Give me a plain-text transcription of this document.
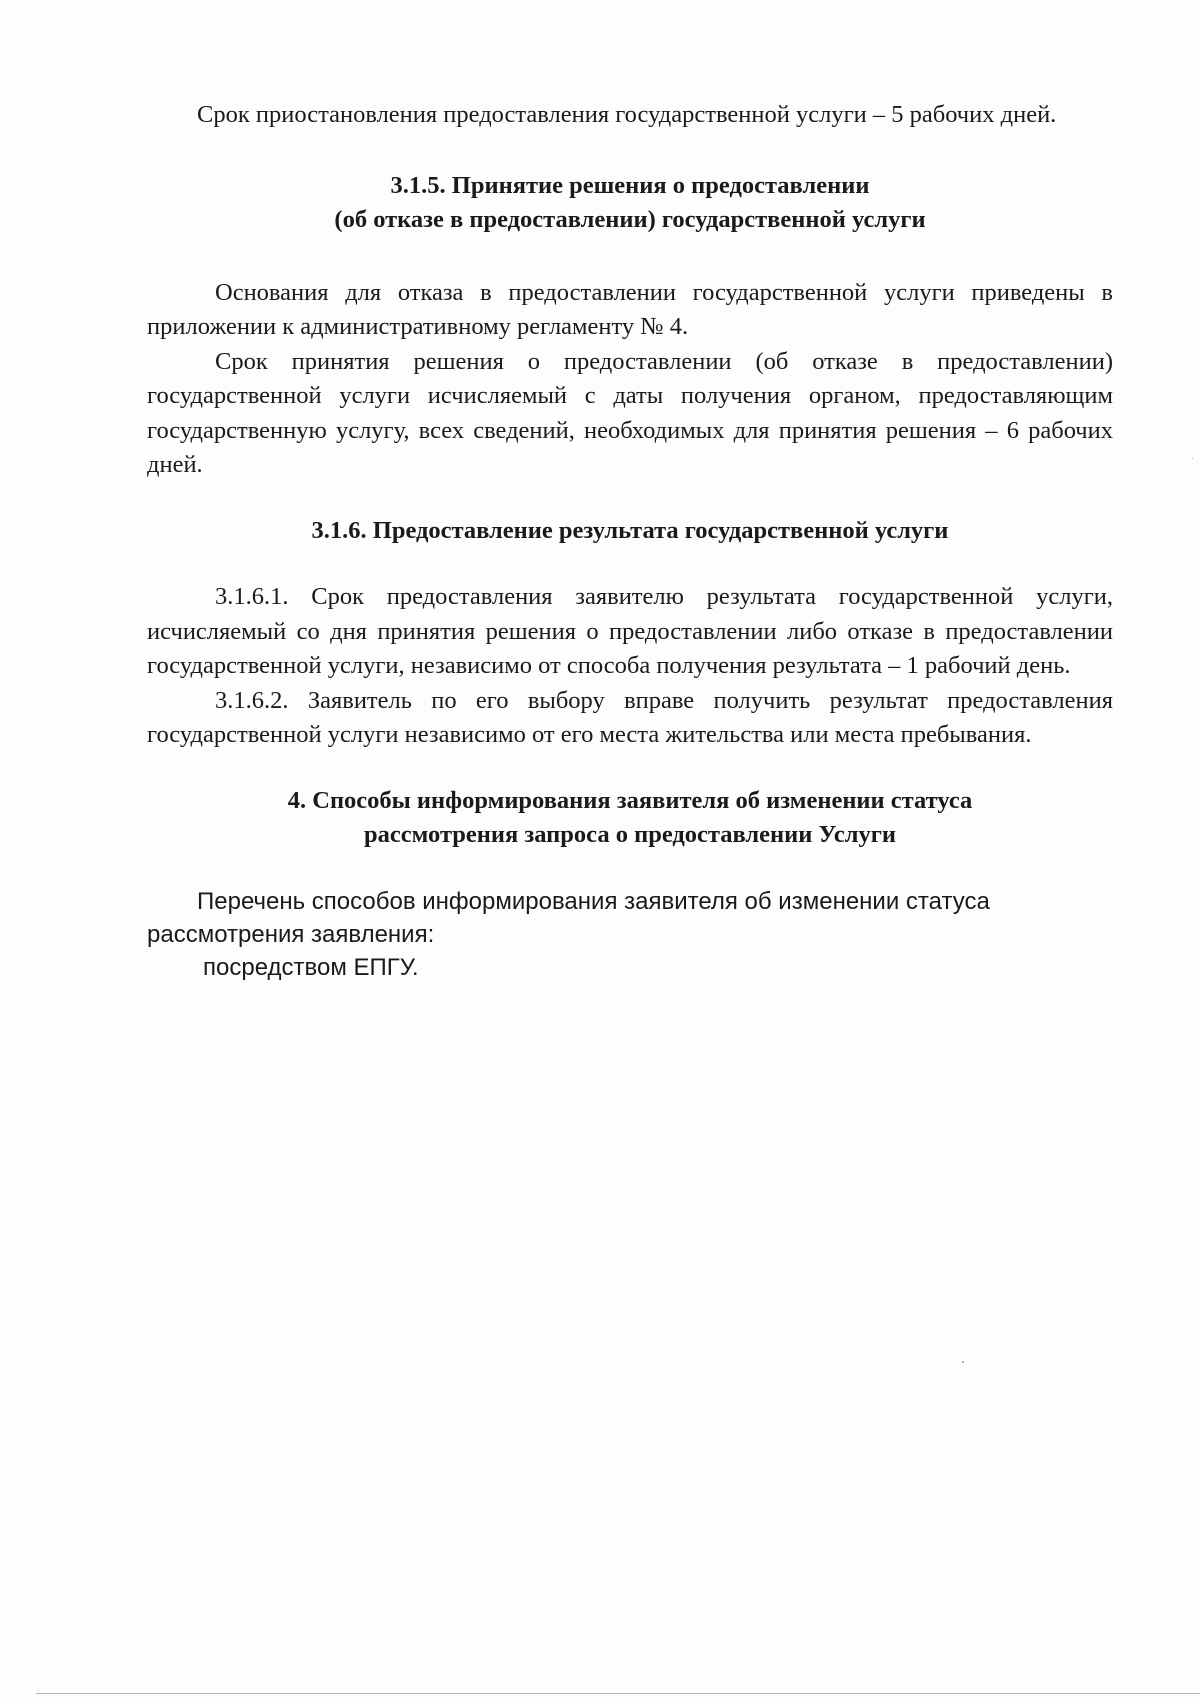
Срок приостановления предоставления государственной услуги – 5 рабочих дней.

3.1.5. Принятие решения о предоставлении
(об отказе в предоставлении) государственной услуги

Основания для отказа в предоставлении государственной услуги приведены в приложении к административному регламенту № 4.

Срок принятия решения о предоставлении (об отказе в предоставлении) государственной услуги исчисляемый с даты получения органом, предоставляющим государственную услугу, всех сведений, необходимых для принятия решения – 6 рабочих дней.

3.1.6. Предоставление результата государственной услуги

3.1.6.1. Срок предоставления заявителю результата государственной услуги, исчисляемый со дня принятия решения о предоставлении либо отказе в предоставлении государственной услуги, независимо от способа получения результата – 1 рабочий день.

3.1.6.2. Заявитель по его выбору вправе получить результат предоставления государственной услуги независимо от его места жительства или места пребывания.

4. Способы информирования заявителя об изменении статуса
рассмотрения запроса о предоставлении Услуги

Перечень способов информирования заявителя об изменении статуса рассмотрения заявления:

посредством ЕПГУ.
